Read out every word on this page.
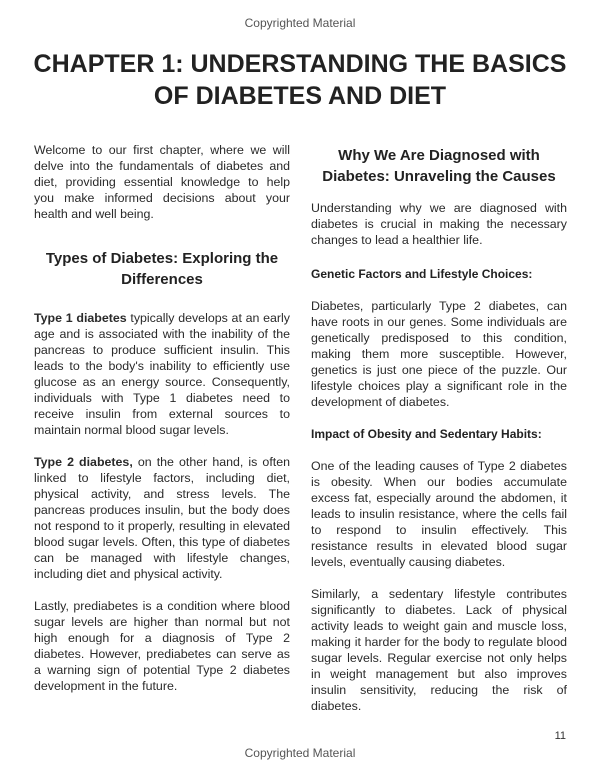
Copyrighted Material
CHAPTER 1: UNDERSTANDING THE BASICS OF DIABETES AND DIET

Welcome to our first chapter, where we will delve into the fundamentals of diabetes and diet, providing essential knowledge to help you make informed decisions about your health and well being.

Types of Diabetes: Exploring the Differences

Type 1 diabetes typically develops at an early age and is associated with the inability of the pancreas to produce sufficient insulin. This leads to the body's inability to efficiently use glucose as an energy source. Consequently, individuals with Type 1 diabetes need to receive insulin from external sources to maintain normal blood sugar levels.

Type 2 diabetes, on the other hand, is often linked to lifestyle factors, including diet, physical activity, and stress levels. The pancreas produces insulin, but the body does not respond to it properly, resulting in elevated blood sugar levels. Often, this type of diabetes can be managed with lifestyle changes, including diet and physical activity.

Lastly, prediabetes is a condition where blood sugar levels are higher than normal but not high enough for a diagnosis of Type 2 diabetes. However, prediabetes can serve as a warning sign of potential Type 2 diabetes development in the future.

Why We Are Diagnosed with Diabetes: Unraveling the Causes

Understanding why we are diagnosed with diabetes is crucial in making the necessary changes to lead a healthier life.

Genetic Factors and Lifestyle Choices:

Diabetes, particularly Type 2 diabetes, can have roots in our genes. Some individuals are genetically predisposed to this condition, making them more susceptible. However, genetics is just one piece of the puzzle. Our lifestyle choices play a significant role in the development of diabetes.

Impact of Obesity and Sedentary Habits:

One of the leading causes of Type 2 diabetes is obesity. When our bodies accumulate excess fat, especially around the abdomen, it leads to insulin resistance, where the cells fail to respond to insulin effectively. This resistance results in elevated blood sugar levels, eventually causing diabetes.

Similarly, a sedentary lifestyle contributes significantly to diabetes. Lack of physical activity leads to weight gain and muscle loss, making it harder for the body to regulate blood sugar levels. Regular exercise not only helps in weight management but also improves insulin sensitivity, reducing the risk of diabetes.

11
Copyrighted Material
